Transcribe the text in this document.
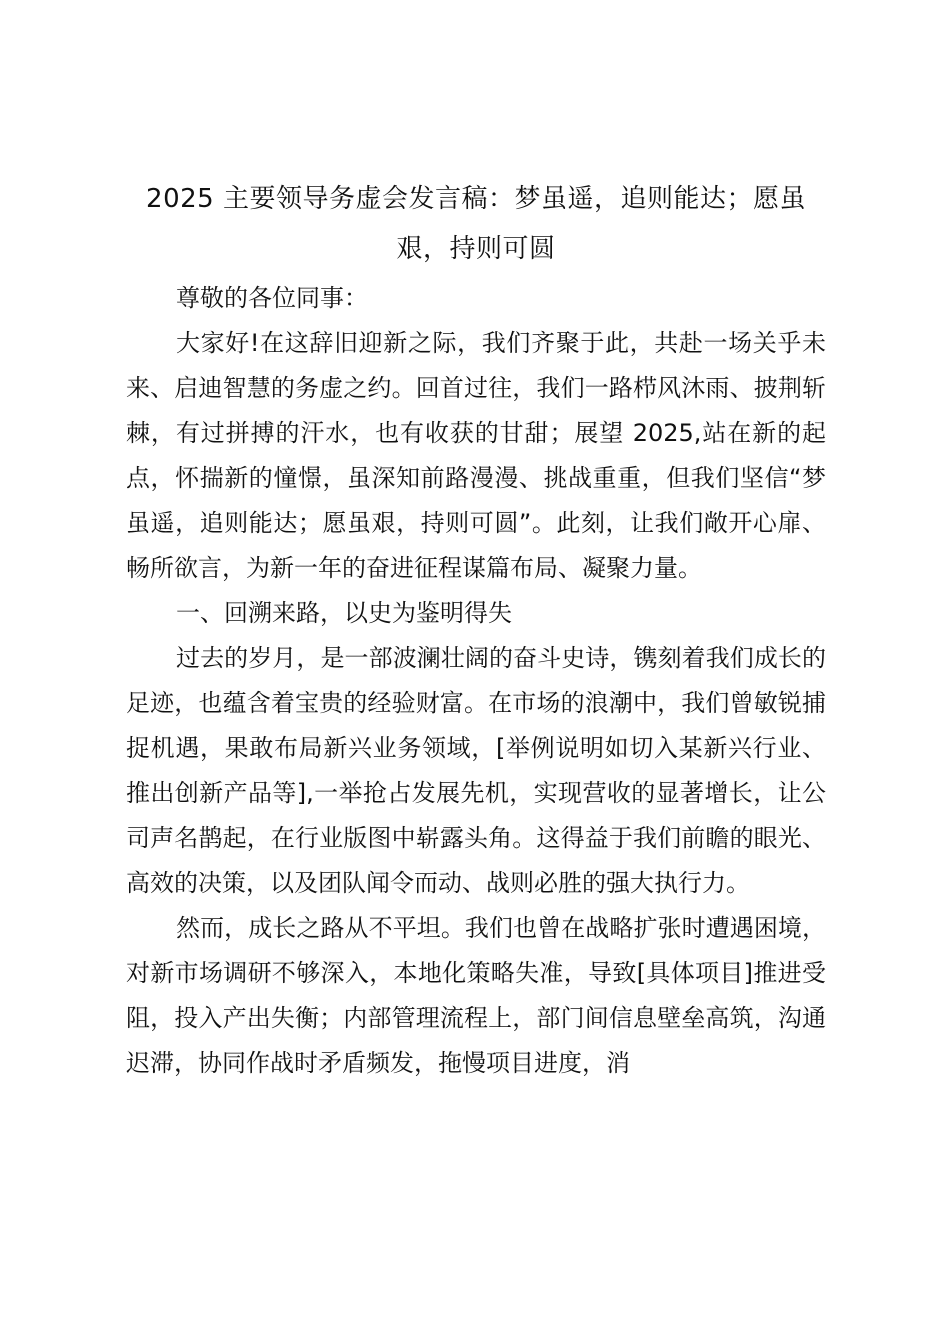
2025 主要领导务虚会发言稿：梦虽遥，追则能达；愿虽艰，持则可圆

尊敬的各位同事：

大家好!在这辞旧迎新之际，我们齐聚于此，共赴一场关乎未来、启迪智慧的务虚之约。回首过往，我们一路栉风沐雨、披荆斩棘，有过拼搏的汗水，也有收获的甘甜；展望 2025,站在新的起点，怀揣新的憧憬，虽深知前路漫漫、挑战重重，但我们坚信“梦虽遥，追则能达；愿虽艰，持则可圆”。此刻，让我们敞开心扉、畅所欲言，为新一年的奋进征程谋篇布局、凝聚力量。

一、回溯来路，以史为鉴明得失

过去的岁月，是一部波澜壮阔的奋斗史诗，镌刻着我们成长的足迹，也蕴含着宝贵的经验财富。在市场的浪潮中，我们曾敏锐捕捉机遇，果敢布局新兴业务领域，[举例说明如切入某新兴行业、推出创新产品等],一举抢占发展先机，实现营收的显著增长，让公司声名鹊起，在行业版图中崭露头角。这得益于我们前瞻的眼光、高效的决策，以及团队闻令而动、战则必胜的强大执行力。

然而，成长之路从不平坦。我们也曾在战略扩张时遭遇困境，对新市场调研不够深入，本地化策略失准，导致[具体项目]推进受阻，投入产出失衡；内部管理流程上，部门间信息壁垒高筑，沟通迟滞，协同作战时矛盾频发，拖慢项目进度，消
